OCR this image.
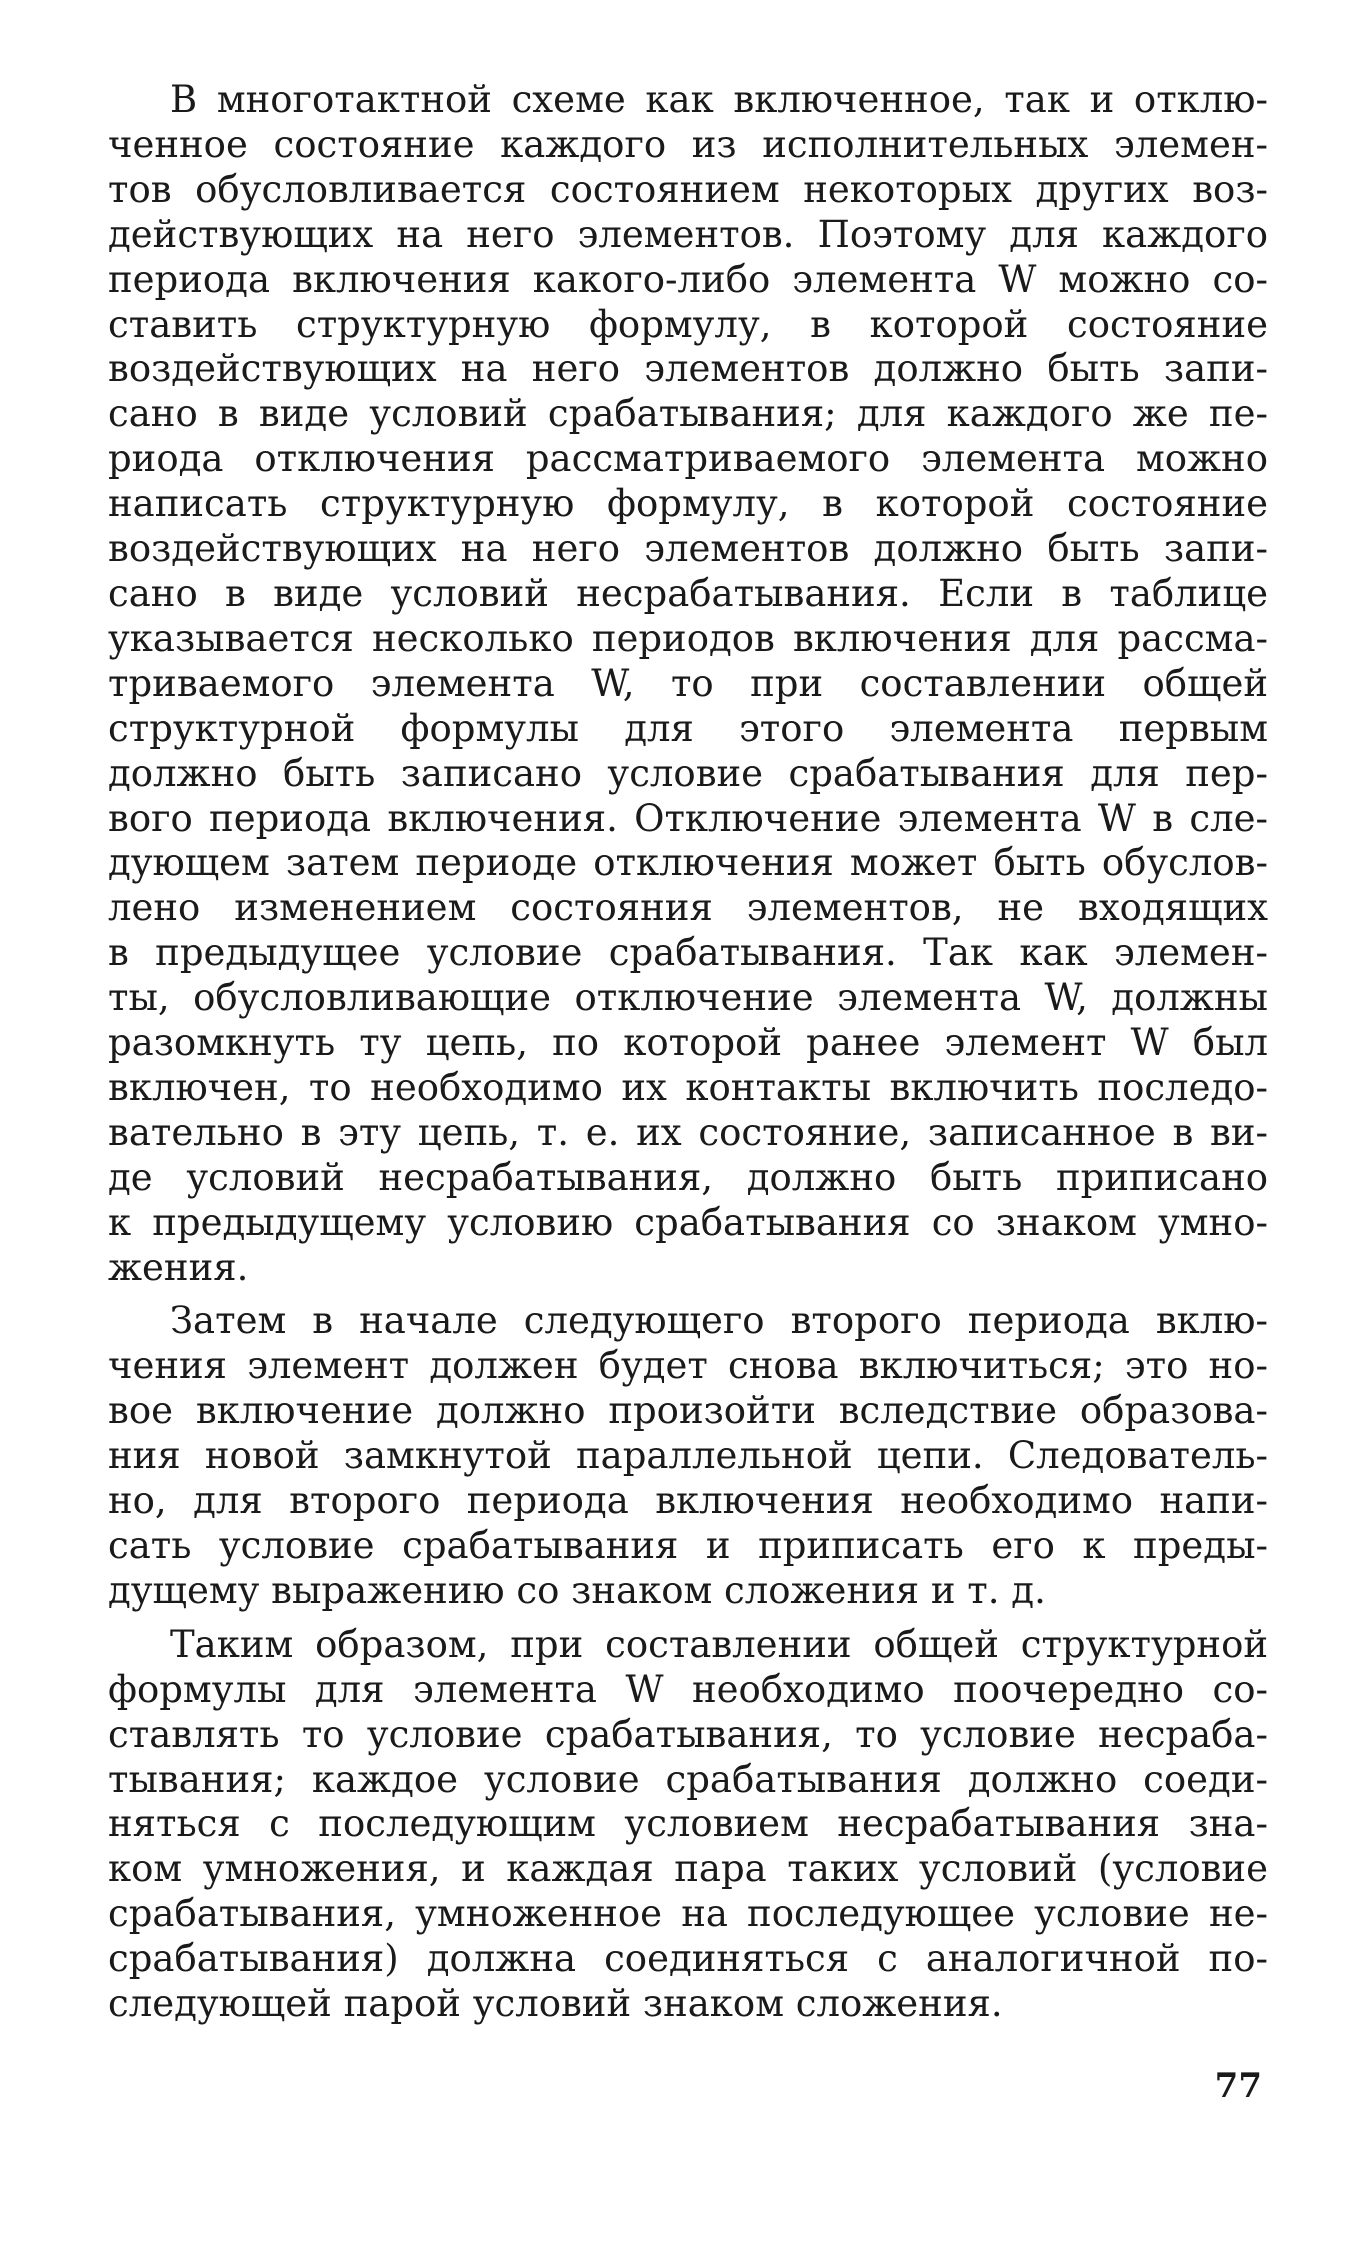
В многотактной схеме как включенное, так и отклю-
ченное состояние каждого из исполнительных элемен-
тов обусловливается состоянием некоторых других воз-
действующих на него элементов. Поэтому для каждого
периода включения какого-либо элемента W можно со-
ставить структурную формулу, в которой состояние
воздействующих на него элементов должно быть запи-
сано в виде условий срабатывания; для каждого же пе-
риода отключения рассматриваемого элемента можно
написать структурную формулу, в которой состояние
воздействующих на него элементов должно быть запи-
сано в виде условий несрабатывания. Если в таблице
указывается несколько периодов включения для рассма-
триваемого элемента W, то при составлении общей
структурной формулы для этого элемента первым
должно быть записано условие срабатывания для пер-
вого периода включения. Отключение элемента W в сле-
дующем затем периоде отключения может быть обуслов-
лено изменением состояния элементов, не входящих
в предыдущее условие срабатывания. Так как элемен-
ты, обусловливающие отключение элемента W, должны
разомкнуть ту цепь, по которой ранее элемент W был
включен, то необходимо их контакты включить последо-
вательно в эту цепь, т. е. их состояние, записанное в ви-
де условий несрабатывания, должно быть приписано
к предыдущему условию срабатывания со знаком умно-
жения.
Затем в начале следующего второго периода вклю-
чения элемент должен будет снова включиться; это но-
вое включение должно произойти вследствие образова-
ния новой замкнутой параллельной цепи. Следователь-
но, для второго периода включения необходимо напи-
сать условие срабатывания и приписать его к преды-
дущему выражению со знаком сложения и т. д.
Таким образом, при составлении общей структурной
формулы для элемента W необходимо поочередно со-
ставлять то условие срабатывания, то условие несраба-
тывания; каждое условие срабатывания должно соеди-
няться с последующим условием несрабатывания зна-
ком умножения, и каждая пара таких условий (условие
срабатывания, умноженное на последующее условие не-
срабатывания) должна соединяться с аналогичной по-
следующей парой условий знаком сложения.
77
